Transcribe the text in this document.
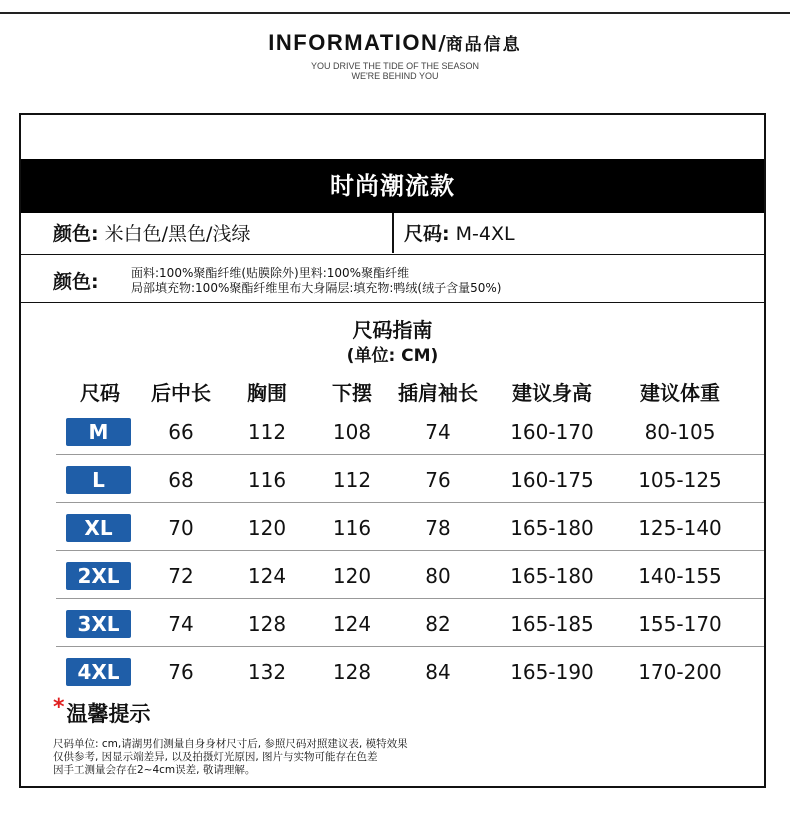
INFORMATION/商品信息
YOU DRIVE THE TIDE OF THE SEASON
WE'RE BEHIND YOU
时尚潮流款
颜色: 米白色/黑色/浅绿	尺码: M-4XL
颜色:	面料:100%聚酯纤维(贴膜除外)里料:100%聚酯纤维
局部填充物:100%聚酯纤维里布大身隔层:填充物:鸭绒(绒子含量50%)
尺码指南
(单位: CM)
尺码 后中长 胸围 下摆 插肩袖长 建议身高 建议体重
M	66	112 108	74	160-170	80-105
L	68	116 112	76	160-175 105-125
XL	70	120 116	78	165-180 125-140
2XL	72	124 120	80	165-180 140-155
3XL	74	128 124	82	165-185 155-170
4XL	76	132 128	84	165-190 170-200
*温馨提示
尺码单位: cm,请湖男们测量自身身材尺寸后, 参照尺码对照建议表, 模特效果
仅供参考, 因显示端差异, 以及拍摄灯光原因, 图片与实物可能存在色差
因手工测量会存在2~4cm误差, 敬请理解。
